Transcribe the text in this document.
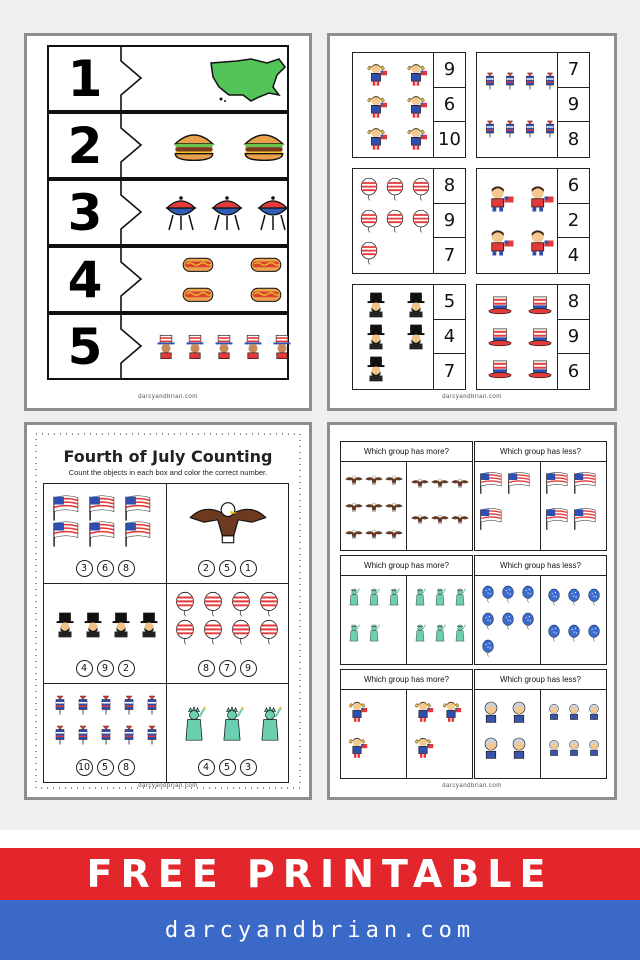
1
2
3
4
5
darcyandbrian.com
9
6
10
7
9
8
8
9
7
6
2
4
5
4
7
8
9
6
darcyandbrian.com
Fourth of July Counting
Count the objects in each box and color the correct number.
3	6	8	2	5	1
4	9	2	8	7	9
10	5	8	4	5	3
darcyandbrian.com
Which group has more?	Which group has less?
Which group has more?	Which group has less?
Which group has more?	Which group has less?
darcyandbrian.com
FREE PRINTABLE
darcyandbrian.com
